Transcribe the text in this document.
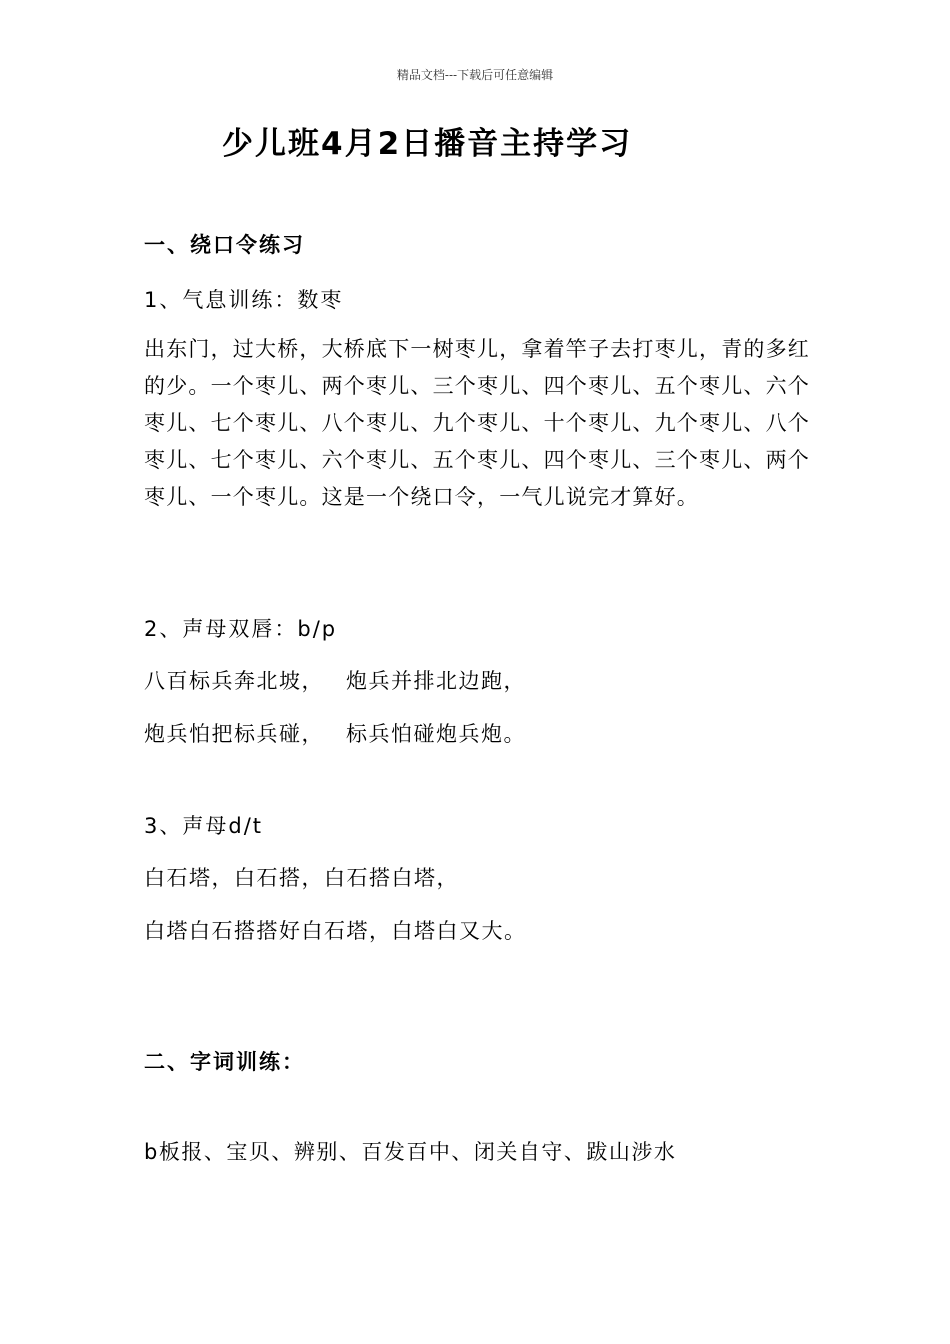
精品文档---下载后可任意编辑
少儿班4月2日播音主持学习
一、绕口令练习
1、气息训练：数枣
出东门，过大桥，大桥底下一树枣儿，拿着竿子去打枣儿，青的多红的少。一个枣儿、两个枣儿、三个枣儿、四个枣儿、五个枣儿、六个枣儿、七个枣儿、八个枣儿、九个枣儿、十个枣儿、九个枣儿、八个枣儿、七个枣儿、六个枣儿、五个枣儿、四个枣儿、三个枣儿、两个枣儿、一个枣儿。这是一个绕口令，一气儿说完才算好。
2、声母双唇：b/p
八百标兵奔北坡， 炮兵并排北边跑，
炮兵怕把标兵碰， 标兵怕碰炮兵炮。
3、声母d/t
白石塔，白石搭，白石搭白塔，
白塔白石搭搭好白石塔，白塔白又大。
二、字词训练：
b板报、宝贝、辨别、百发百中、闭关自守、跋山涉水
